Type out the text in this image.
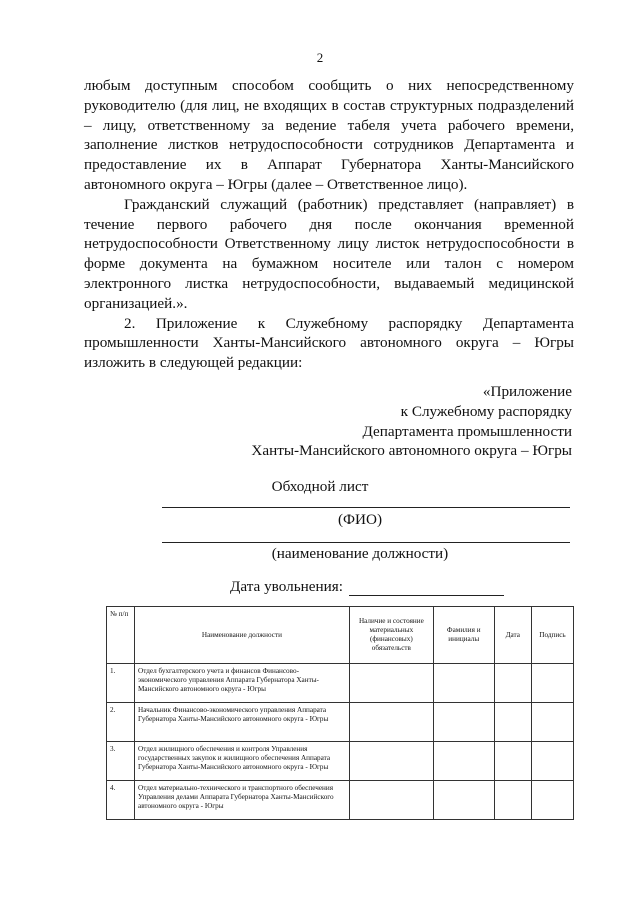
2

любым доступным способом сообщить о них непосредственному руководителю (для лиц, не входящих в состав структурных подразделений – лицу, ответственному за ведение табеля учета рабочего времени, заполнение листков нетрудоспособности сотрудников Департамента и предоставление их в Аппарат Губернатора Ханты-Мансийского автономного округа – Югры (далее – Ответственное лицо).

Гражданский служащий (работник) представляет (направляет) в течение первого рабочего дня после окончания временной нетрудоспособности Ответственному лицу листок нетрудоспособности в форме документа на бумажном носителе или талон с номером электронного листка нетрудоспособности, выдаваемый медицинской организацией.».

2. Приложение к Служебному распорядку Департамента промышленности Ханты-Мансийского автономного округа – Югры изложить в следующей редакции:

«Приложение
к Служебному распорядку
Департамента промышленности
Ханты-Мансийского автономного округа – Югры
Обходной лист
(ФИО)
(наименование должности)
Дата увольнения:
№ п/п	Наименование должности	Наличие и состояние материальных (финансовых) обязательств	Фамилия и инициалы	Дата	Подпись
1.	Отдел бухгалтерского учета и финансов Финансово-экономического управления Аппарата Губернатора Ханты-Мансийского автономного округа - Югры				
2.	Начальник Финансово-экономического управления Аппарата Губернатора Ханты-Мансийского автономного округа - Югры				
3.	Отдел жилищного обеспечения и контроля Управления государственных закупок и жилищного обеспечения Аппарата Губернатора Ханты-Мансийского автономного округа - Югры				
4.	Отдел материально-технического и транспортного обеспечения Управления делами Аппарата Губернатора Ханты-Мансийского автономного округа - Югры				
